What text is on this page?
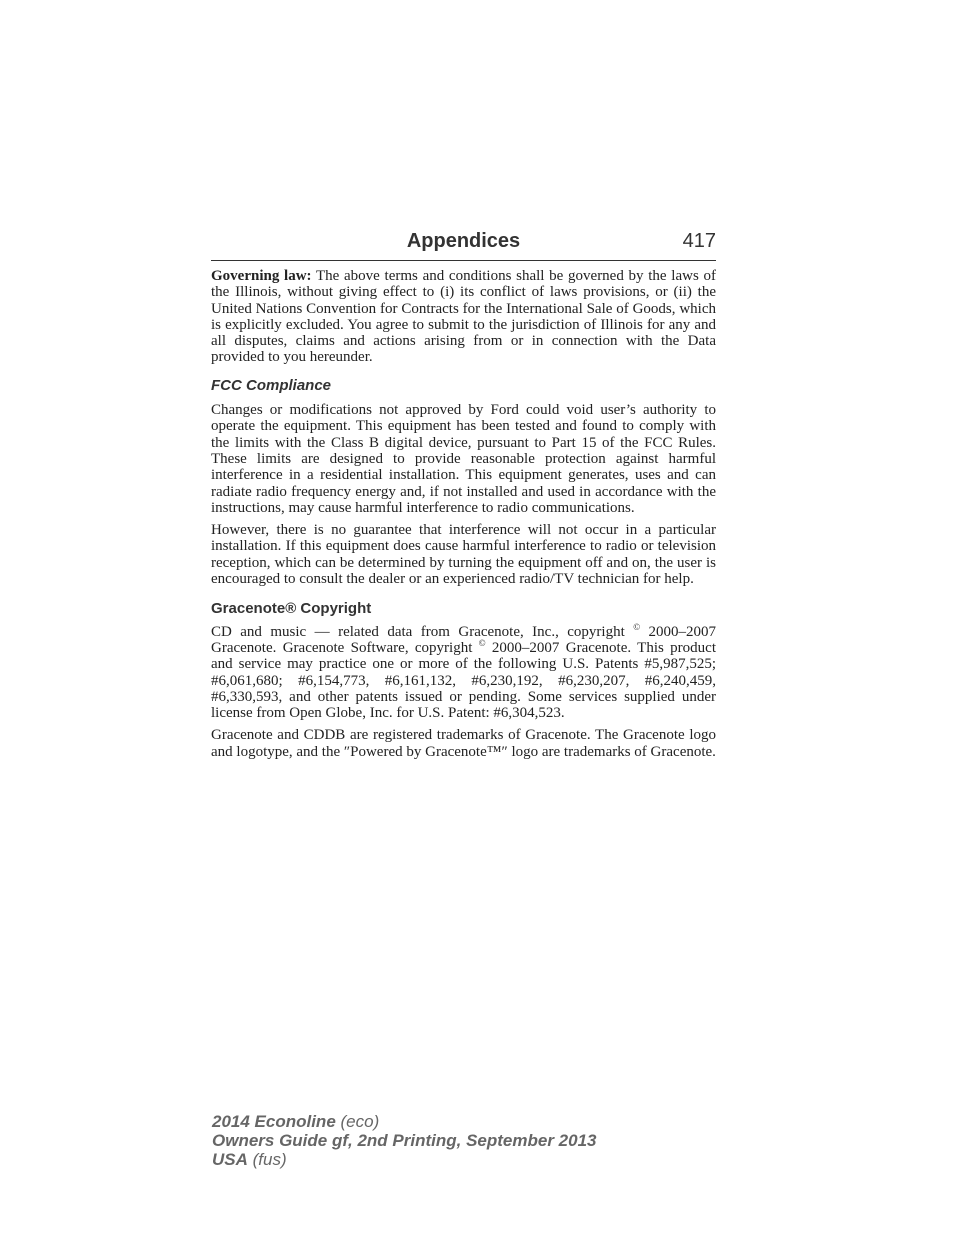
Appendices	417

Governing law: The above terms and conditions shall be governed by the laws of the Illinois, without giving effect to (i) its conflict of laws provisions, or (ii) the United Nations Convention for Contracts for the International Sale of Goods, which is explicitly excluded. You agree to submit to the jurisdiction of Illinois for any and all disputes, claims and actions arising from or in connection with the Data provided to you hereunder.

FCC Compliance

Changes or modifications not approved by Ford could void user’s authority to operate the equipment. This equipment has been tested and found to comply with the limits with the Class B digital device, pursuant to Part 15 of the FCC Rules. These limits are designed to provide reasonable protection against harmful interference in a residential installation. This equipment generates, uses and can radiate radio frequency energy and, if not installed and used in accordance with the instructions, may cause harmful interference to radio communications.

However, there is no guarantee that interference will not occur in a particular installation. If this equipment does cause harmful interference to radio or television reception, which can be determined by turning the equipment off and on, the user is encouraged to consult the dealer or an experienced radio/TV technician for help.

Gracenote® Copyright

CD and music — related data from Gracenote, Inc., copyright © 2000–2007 Gracenote. Gracenote Software, copyright © 2000–2007 Gracenote. This product and service may practice one or more of the following U.S. Patents #5,987,525; #6,061,680; #6,154,773, #6,161,132, #6,230,192, #6,230,207, #6,240,459, #6,330,593, and other patents issued or pending. Some services supplied under license from Open Globe, Inc. for U.S. Patent: #6,304,523.

Gracenote and CDDB are registered trademarks of Gracenote. The Gracenote logo and logotype, and the ″Powered by Gracenote™″ logo are trademarks of Gracenote.

2014 Econoline (eco)
Owners Guide gf, 2nd Printing, September 2013
USA (fus)
